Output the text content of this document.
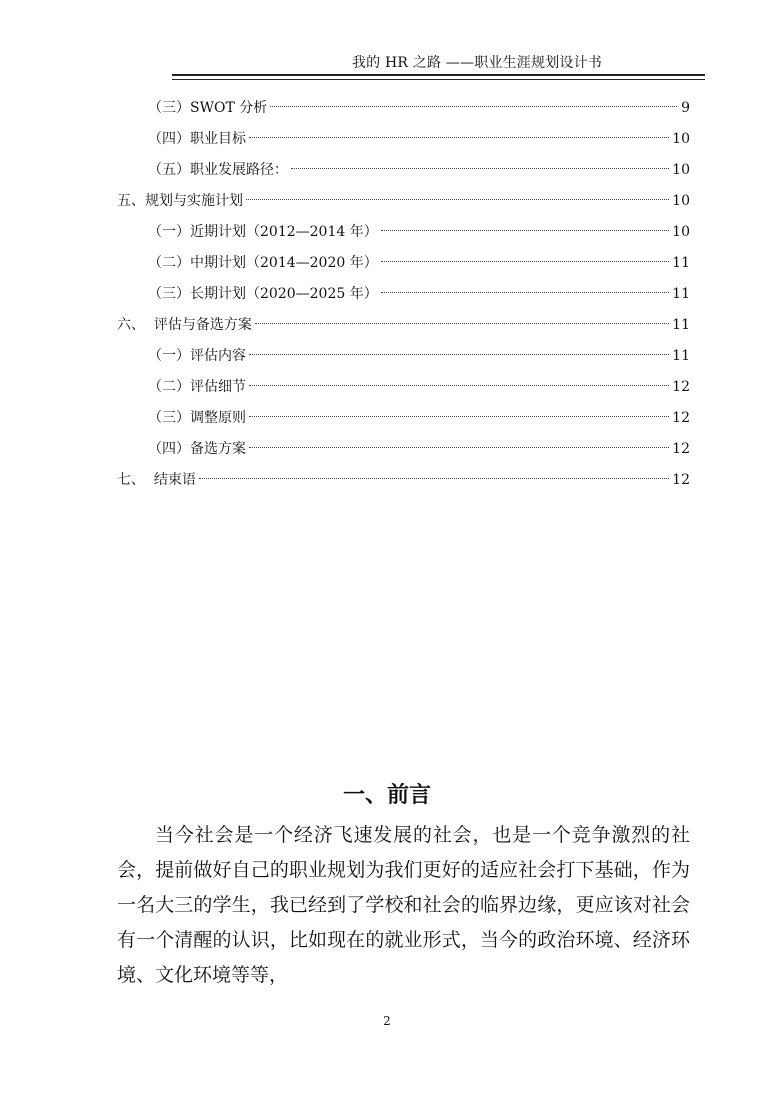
我的 HR 之路 ——职业生涯规划设计书
（三）SWOT 分析	9
（四）职业目标	10
（五）职业发展路径：	10
五、规划与实施计划	10
（一）近期计划（2012—2014 年）	10
（二）中期计划（2014—2020 年）	11
（三）长期计划（2020—2025 年）	11
六、  评估与备选方案	11
（一）评估内容	11
（二）评估细节	12
（三）调整原则	12
（四）备选方案	12
七、  结束语	12
一、前言

当今社会是一个经济飞速发展的社会，也是一个竞争激烈的社会，提前做好自己的职业规划为我们更好的适应社会打下基础，作为一名大三的学生，我已经到了学校和社会的临界边缘，更应该对社会有一个清醒的认识，比如现在的就业形式，当今的政治环境、经济环境、文化环境等等，

2
